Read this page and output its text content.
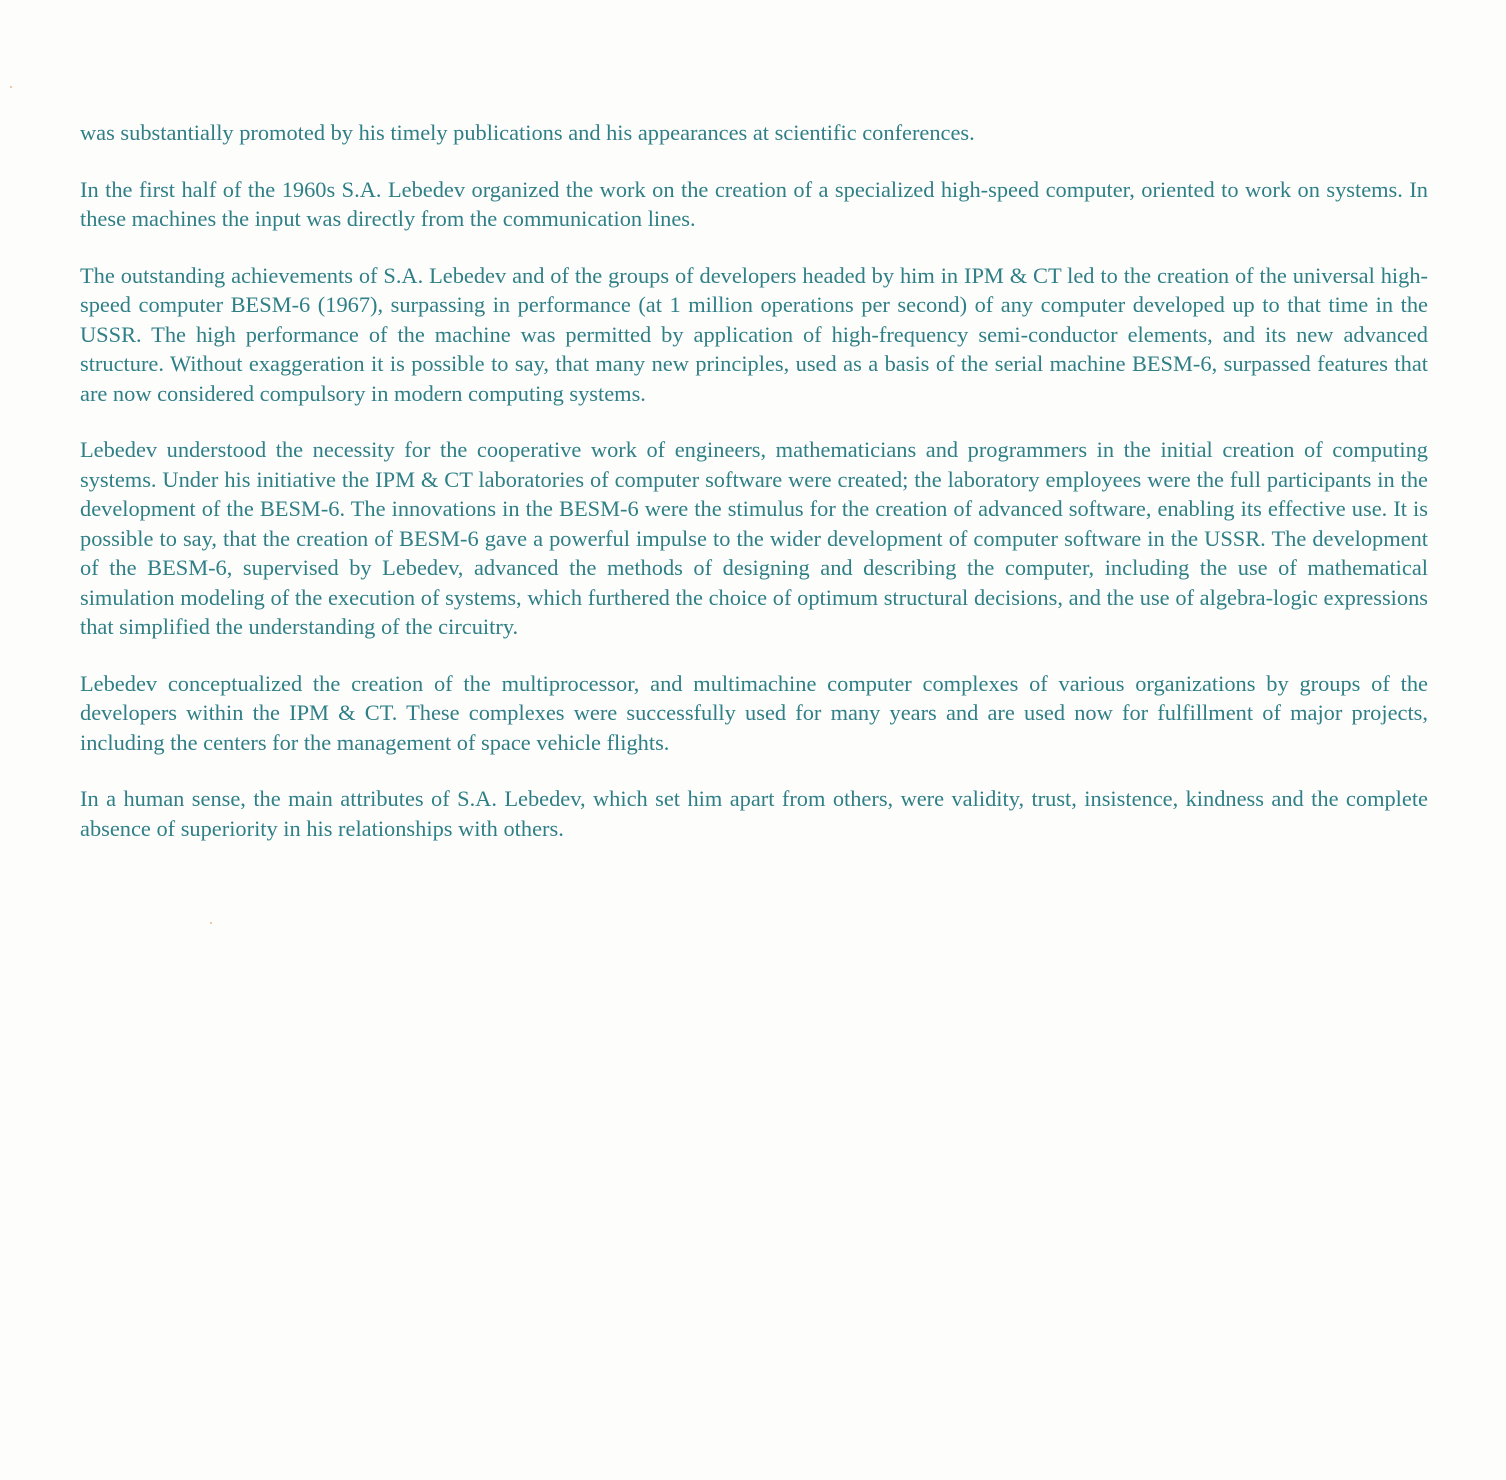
was substantially promoted by his timely publications and his appearances at scientific conferences.

In the first half of the 1960s S.A. Lebedev organized the work on the creation of a specialized high-speed computer, oriented to work on systems. In these machines the input was directly from the communication lines.

The outstanding achievements of S.A. Lebedev and of the groups of developers headed by him in IPM & CT led to the creation of the universal high-speed computer BESM-6 (1967), surpassing in performance (at 1 million operations per second) of any computer developed up to that time in the USSR. The high performance of the machine was permitted by application of high-frequency semi-conductor elements, and its new advanced structure. Without exaggeration it is possible to say, that many new principles, used as a basis of the serial machine BESM-6, surpassed features that are now considered compulsory in modern computing systems.

Lebedev understood the necessity for the cooperative work of engineers, mathematicians and programmers in the initial creation of computing systems. Under his initiative the IPM & CT laboratories of computer software were created; the laboratory employees were the full participants in the development of the BESM-6. The innovations in the BESM-6 were the stimulus for the creation of advanced software, enabling its effective use. It is possible to say, that the creation of BESM-6 gave a powerful impulse to the wider development of computer software in the USSR. The development of the BESM-6, supervised by Lebedev, advanced the methods of designing and describing the computer, including the use of mathematical simulation modeling of the execution of systems, which furthered the choice of optimum structural decisions, and the use of algebra-logic expressions that simplified the understanding of the circuitry.

Lebedev conceptualized the creation of the multiprocessor, and multimachine computer complexes of various organizations by groups of the developers within the IPM & CT. These complexes were successfully used for many years and are used now for fulfillment of major projects, including the centers for the management of space vehicle flights.

In a human sense, the main attributes of S.A. Lebedev, which set him apart from others, were validity, trust, insistence, kindness and the complete absence of superiority in his relationships with others.
